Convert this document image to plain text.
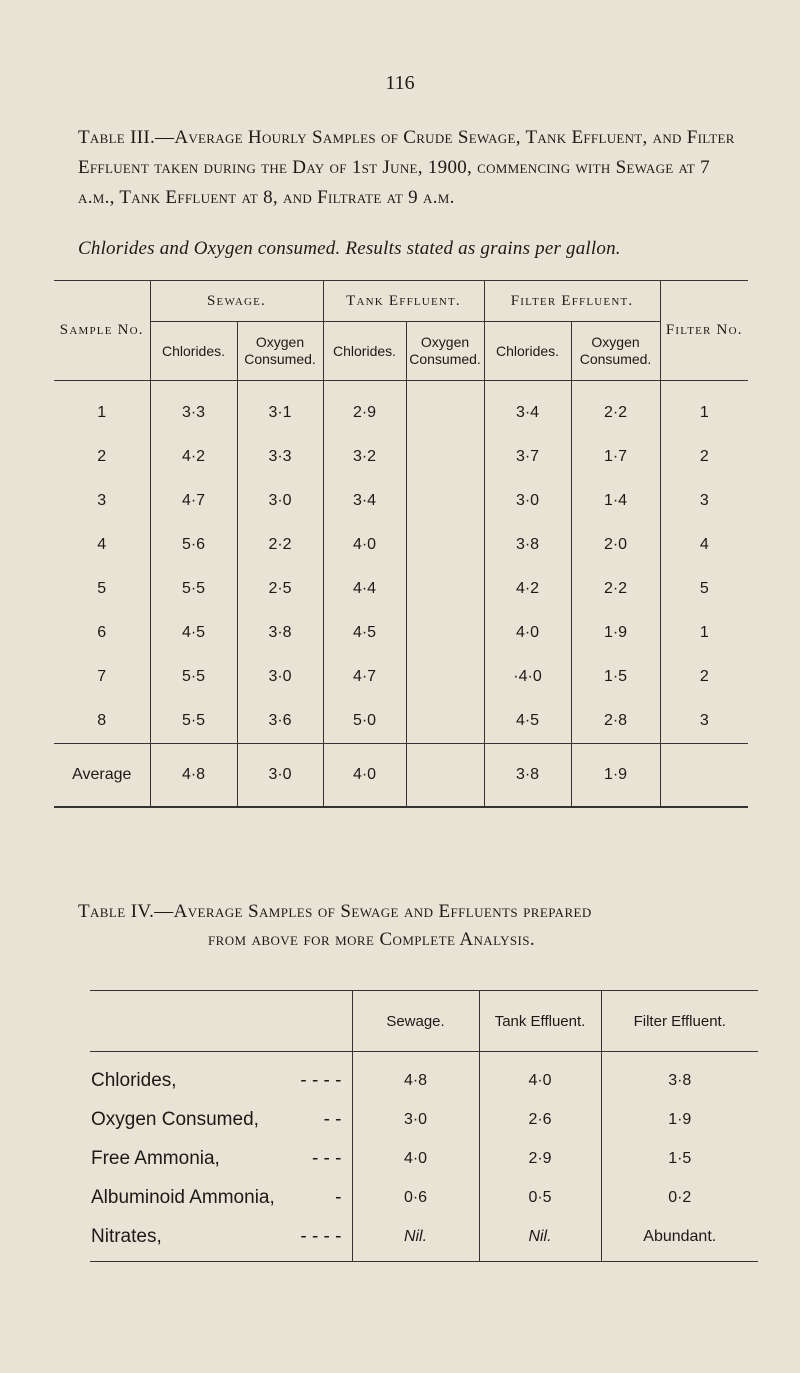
116
Table III.—Average Hourly Samples of Crude Sewage, Tank Effluent, and Filter Effluent taken during the Day of 1st June, 1900, commencing with Sewage at 7 a.m., Tank Effluent at 8, and Filtrate at 9 a.m.
Chlorides and Oxygen consumed. Results stated as grains per gallon.
Sample No.	Sewage.		Tank Effluent.		Filter Effluent.		Filter No.
	Chlorides.	Oxygen Consumed.	Chlorides.	Oxygen Consumed.	Chlorides.	Oxygen Consumed.	
1	3·3	3·1	2·9		3·4	2·2	1
2	4·2	3·3	3·2		3·7	1·7	2
3	4·7	3·0	3·4		3·0	1·4	3
4	5·6	2·2	4·0		3·8	2·0	4
5	5·5	2·5	4·4		4·2	2·2	5
6	4·5	3·8	4·5		4·0	1·9	1
7	5·5	3·0	4·7		·4·0	1·5	2
8	5·5	3·6	5·0		4·5	2·8	3
Average	4·8	3·0	4·0		3·8	1·9	
Table IV.—Average Samples of Sewage and Effluents prepared
from above for more Complete Analysis.
	Sewage.	Tank Effluent.	Filter Effluent.
Chlorides, - - - -	4·8	4·0	3·8
Oxygen Consumed, - -	3·0	2·6	1·9
Free Ammonia, - - -	4·0	2·9	1·5
Albuminoid Ammonia, -	0·6	0·5	0·2
Nitrates, - - - -	Nil.	Nil.	Abundant.
